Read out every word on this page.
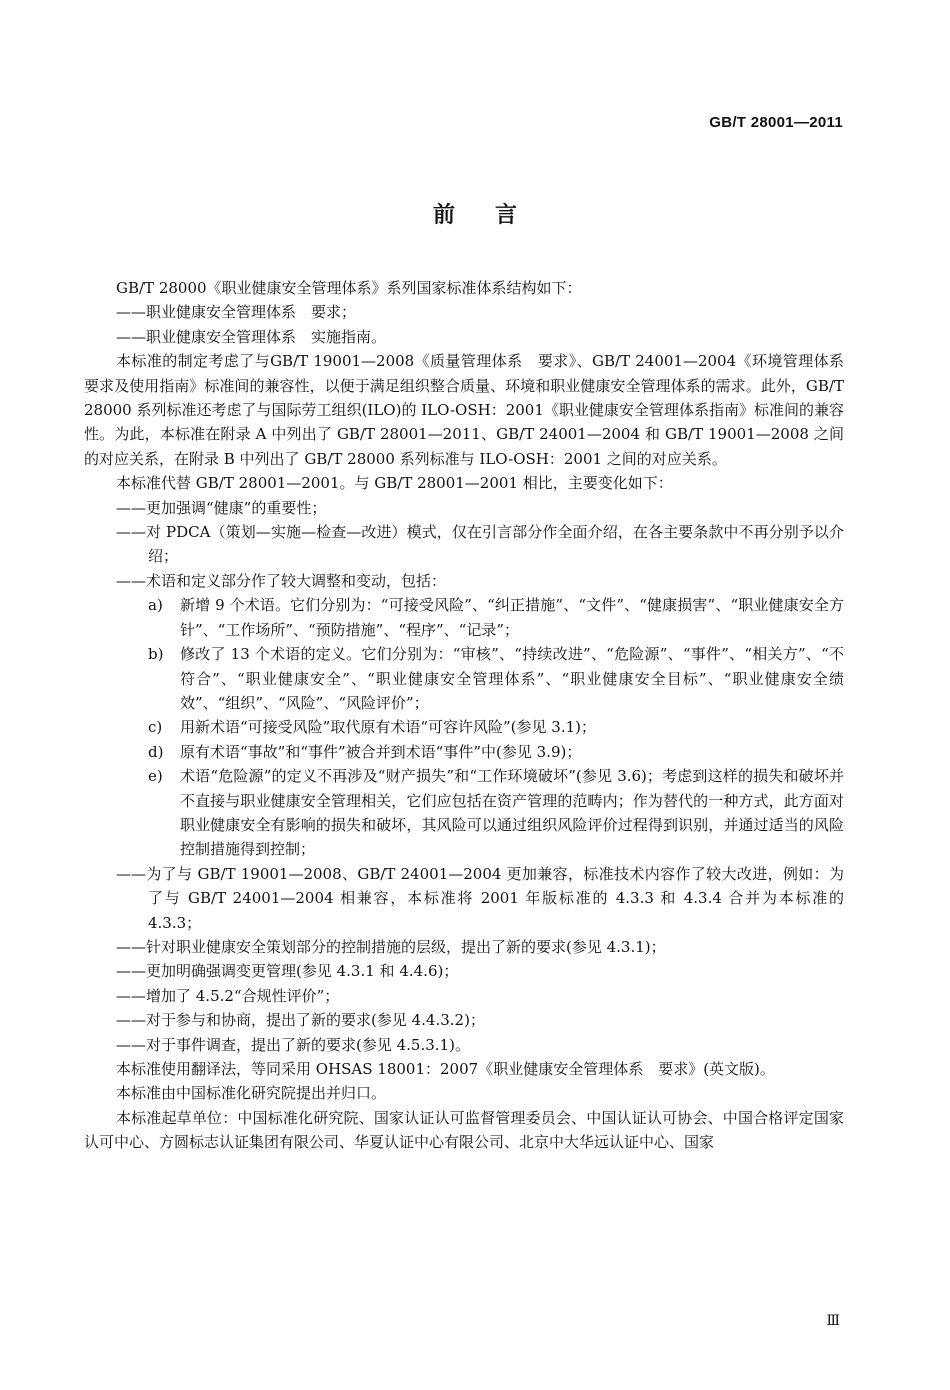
GB/T 28001—2011
前言

GB/T 28000《职业健康安全管理体系》系列国家标准体系结构如下：

——职业健康安全管理体系　要求；

——职业健康安全管理体系　实施指南。

本标准的制定考虑了与GB/T 19001—2008《质量管理体系　要求》、GB/T 24001—2004《环境管理体系　要求及使用指南》标准间的兼容性，以便于满足组织整合质量、环境和职业健康安全管理体系的需求。此外，GB/T 28000 系列标准还考虑了与国际劳工组织(ILO)的 ILO-OSH：2001《职业健康安全管理体系指南》标准间的兼容性。为此，本标准在附录 A 中列出了 GB/T 28001—2011、GB/T 24001—2004 和 GB/T 19001—2008 之间的对应关系，在附录 B 中列出了 GB/T 28000 系列标准与 ILO-OSH：2001 之间的对应关系。

本标准代替 GB/T 28001—2001。与 GB/T 28001—2001 相比，主要变化如下：

——更加强调“健康”的重要性；

——对 PDCA（策划—实施—检查—改进）模式，仅在引言部分作全面介绍，在各主要条款中不再分别予以介绍；

——术语和定义部分作了较大调整和变动，包括：

a)	新增 9 个术语。它们分别为：“可接受风险”、“纠正措施”、“文件”、“健康损害”、“职业健康安全方针”、“工作场所”、“预防措施”、“程序”、“记录”；
b)	修改了 13 个术语的定义。它们分别为：“审核”、“持续改进”、“危险源”、“事件”、“相关方”、“不符合”、“职业健康安全”、“职业健康安全管理体系”、“职业健康安全目标”、“职业健康安全绩效”、“组织”、“风险”、“风险评价”；
c)	用新术语“可接受风险”取代原有术语“可容许风险”(参见 3.1)；
d)	原有术语“事故”和“事件”被合并到术语“事件”中(参见 3.9)；
e)	术语“危险源”的定义不再涉及“财产损失”和“工作环境破坏”(参见 3.6)；考虑到这样的损失和破坏并不直接与职业健康安全管理相关，它们应包括在资产管理的范畴内；作为替代的一种方式，此方面对职业健康安全有影响的损失和破坏，其风险可以通过组织风险评价过程得到识别，并通过适当的风险控制措施得到控制；

——为了与 GB/T 19001—2008、GB/T 24001—2004 更加兼容，标准技术内容作了较大改进，例如：为了与 GB/T 24001—2004 相兼容，本标准将 2001 年版标准的 4.3.3 和 4.3.4 合并为本标准的 4.3.3；

——针对职业健康安全策划部分的控制措施的层级，提出了新的要求(参见 4.3.1)；

——更加明确强调变更管理(参见 4.3.1 和 4.4.6)；

——增加了 4.5.2“合规性评价”；

——对于参与和协商，提出了新的要求(参见 4.4.3.2)；

——对于事件调查，提出了新的要求(参见 4.5.3.1)。

本标准使用翻译法，等同采用 OHSAS 18001：2007《职业健康安全管理体系　要求》(英文版)。

本标准由中国标准化研究院提出并归口。

本标准起草单位：中国标准化研究院、国家认证认可监督管理委员会、中国认证认可协会、中国合格评定国家认可中心、方圆标志认证集团有限公司、华夏认证中心有限公司、北京中大华远认证中心、国家

Ⅲ
